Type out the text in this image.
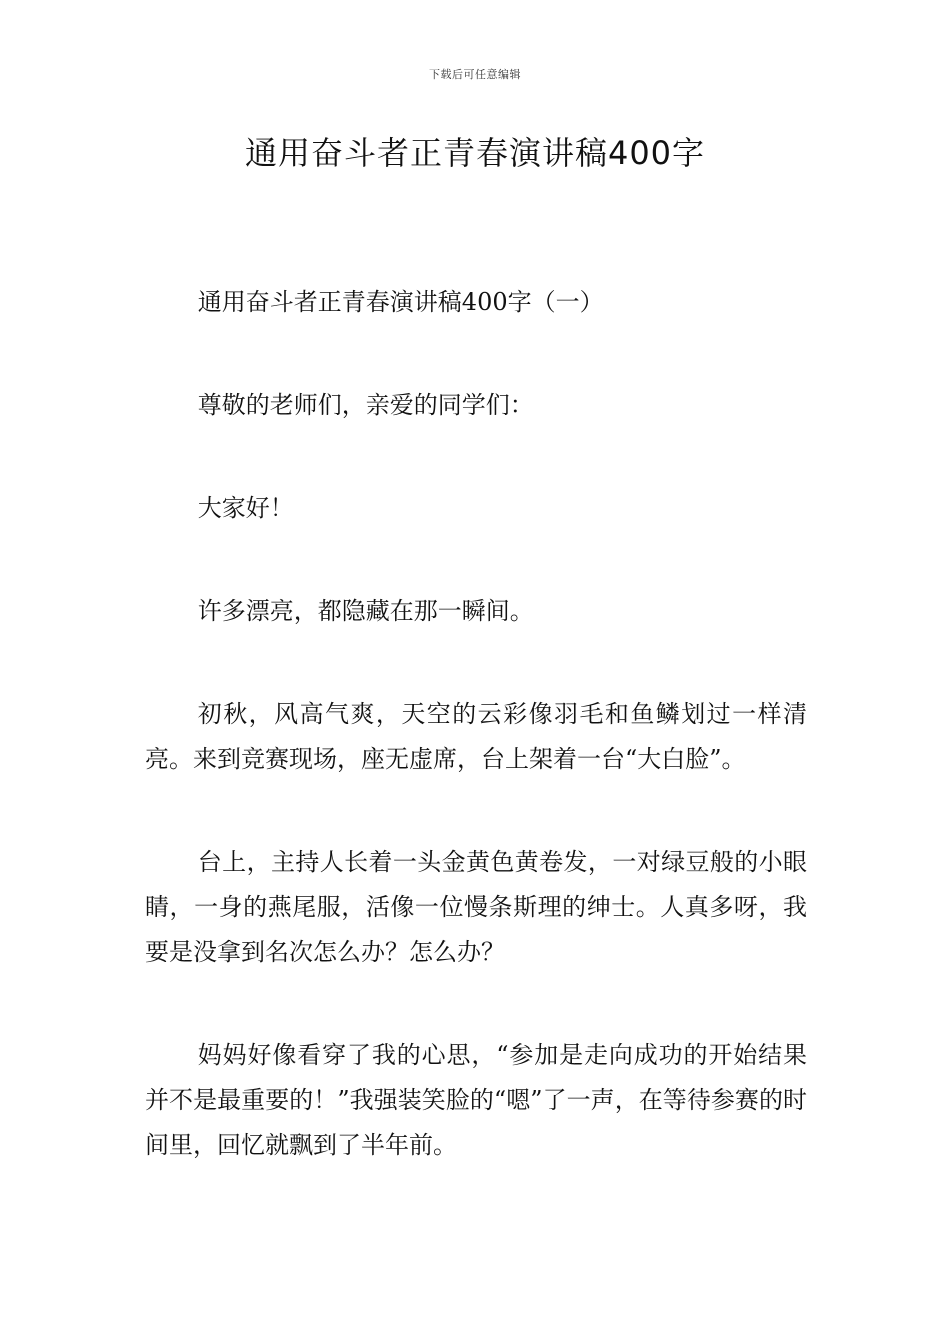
下载后可任意编辑
通用奋斗者正青春演讲稿400字

通用奋斗者正青春演讲稿400字（一）

尊敬的老师们，亲爱的同学们：

大家好！

许多漂亮，都隐藏在那一瞬间。

初秋，风高气爽，天空的云彩像羽毛和鱼鳞划过一样清亮。来到竞赛现场，座无虚席，台上架着一台“大白脸”。

台上，主持人长着一头金黄色黄卷发，一对绿豆般的小眼睛，一身的燕尾服，活像一位慢条斯理的绅士。人真多呀，我要是没拿到名次怎么办？怎么办？

妈妈好像看穿了我的心思，“参加是走向成功的开始结果并不是最重要的！”我强装笑脸的“嗯”了一声，在等待参赛的时间里，回忆就飘到了半年前。
